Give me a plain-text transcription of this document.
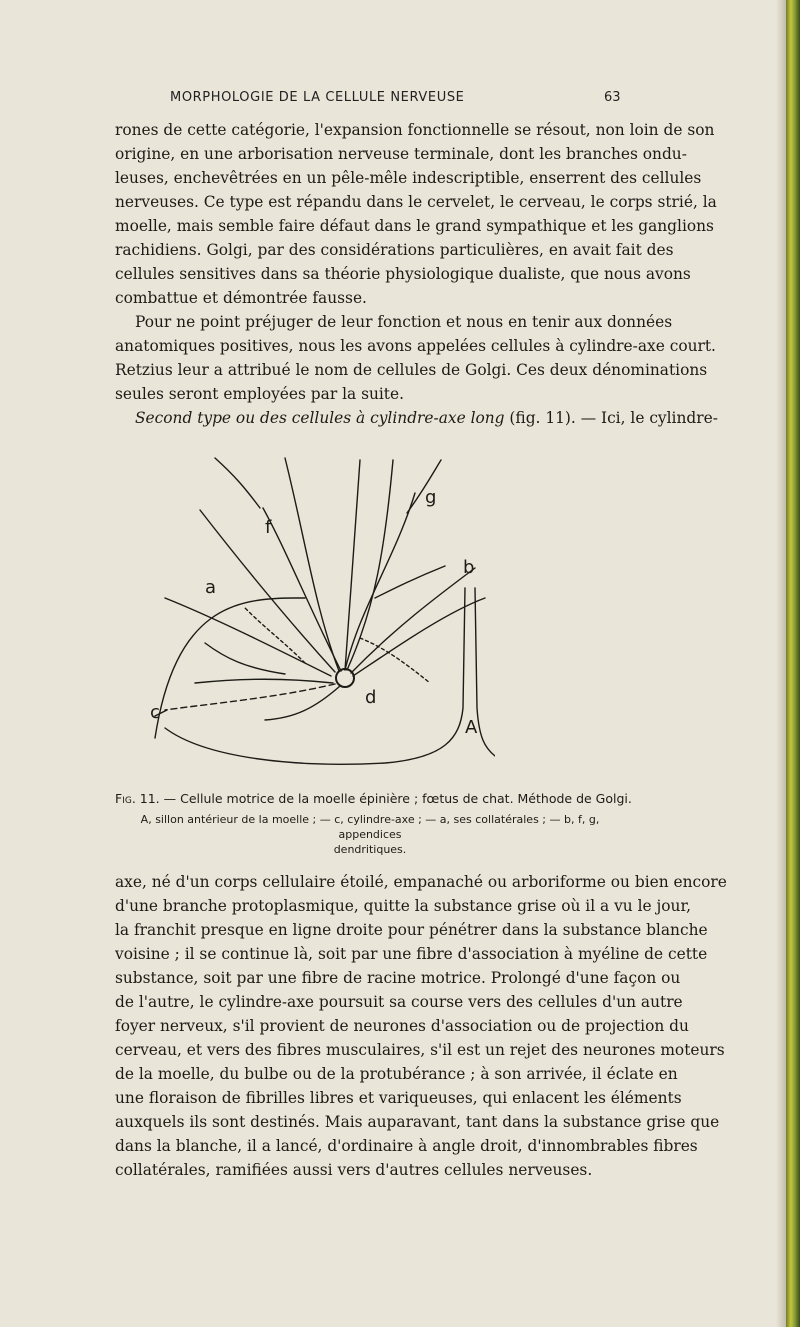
MORPHOLOGIE DE LA CELLULE NERVEUSE	63
rones de cette catégorie, l'expansion fonctionnelle se résout, non loin de son
origine, en une arborisation nerveuse terminale, dont les branches ondu-
leuses, enchevêtrées en un pêle-mêle indescriptible, enserrent des cellules
nerveuses. Ce type est répandu dans le cervelet, le cerveau, le corps strié, la
moelle, mais semble faire défaut dans le grand sympathique et les ganglions
rachidiens. Golgi, par des considérations particulières, en avait fait des
cellules sensitives dans sa théorie physiologique dualiste, que nous avons
combattue et démontrée fausse.
Pour ne point préjuger de leur fonction et nous en tenir aux données
anatomiques positives, nous les avons appelées cellules à cylindre-axe court.
Retzius leur a attribué le nom de cellules de Golgi. Ces deux dénominations
seules seront employées par la suite.
Second type ou des cellules à cylindre-axe long (fig. 11). — Ici, le cylindre-
g
f
b
a
c
d
A
Fig. 11. — Cellule motrice de la moelle épinière ; fœtus de chat. Méthode de Golgi.
A, sillon antérieur de la moelle ; — c, cylindre-axe ; — a, ses collatérales ; — b, f, g, appendices
dendritiques.
axe, né d'un corps cellulaire étoilé, empanaché ou arboriforme ou bien encore
d'une branche protoplasmique, quitte la substance grise où il a vu le jour,
la franchit presque en ligne droite pour pénétrer dans la substance blanche
voisine ; il se continue là, soit par une fibre d'association à myéline de cette
substance, soit par une fibre de racine motrice. Prolongé d'une façon ou
de l'autre, le cylindre-axe poursuit sa course vers des cellules d'un autre
foyer nerveux, s'il provient de neurones d'association ou de projection du
cerveau, et vers des fibres musculaires, s'il est un rejet des neurones moteurs
de la moelle, du bulbe ou de la protubérance ; à son arrivée, il éclate en
une floraison de fibrilles libres et variqueuses, qui enlacent les éléments
auxquels ils sont destinés. Mais auparavant, tant dans la substance grise que
dans la blanche, il a lancé, d'ordinaire à angle droit, d'innombrables fibres
collatérales, ramifiées aussi vers d'autres cellules nerveuses.
